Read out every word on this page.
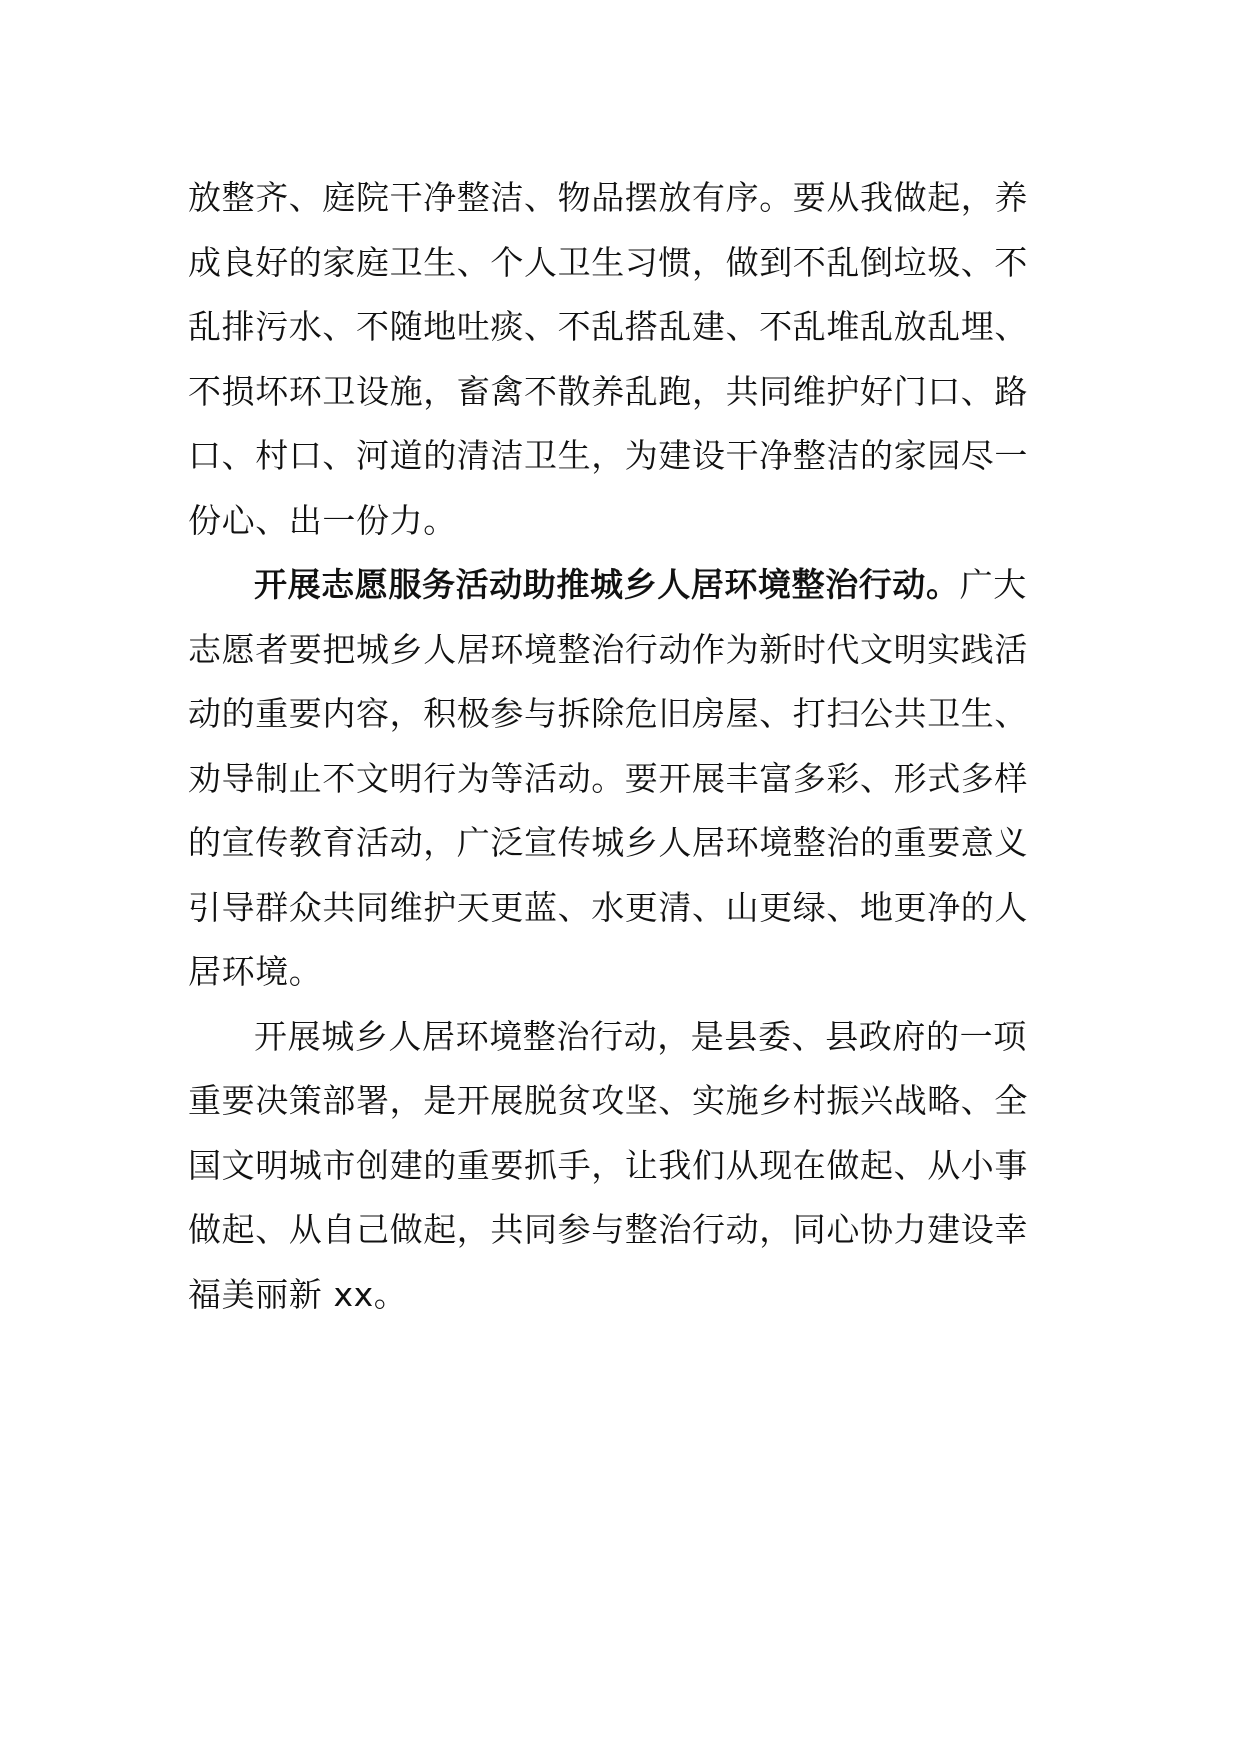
放整齐、庭院干净整洁、物品摆放有序。要从我做起，养
成良好的家庭卫生、个人卫生习惯，做到不乱倒垃圾、不
乱排污水、不随地吐痰、不乱搭乱建、不乱堆乱放乱埋、
不损坏环卫设施，畜禽不散养乱跑，共同维护好门口、路
口、村口、河道的清洁卫生，为建设干净整洁的家园尽一
份心、出一份力。
开展志愿服务活动助推城乡人居环境整治行动。广大
志愿者要把城乡人居环境整治行动作为新时代文明实践活
动的重要内容，积极参与拆除危旧房屋、打扫公共卫生、
劝导制止不文明行为等活动。要开展丰富多彩、形式多样
的宣传教育活动，广泛宣传城乡人居环境整治的重要意义
引导群众共同维护天更蓝、水更清、山更绿、地更净的人
居环境。
开展城乡人居环境整治行动，是县委、县政府的一项
重要决策部署，是开展脱贫攻坚、实施乡村振兴战略、全
国文明城市创建的重要抓手，让我们从现在做起、从小事
做起、从自己做起，共同参与整治行动，同心协力建设幸
福美丽新 xx。
